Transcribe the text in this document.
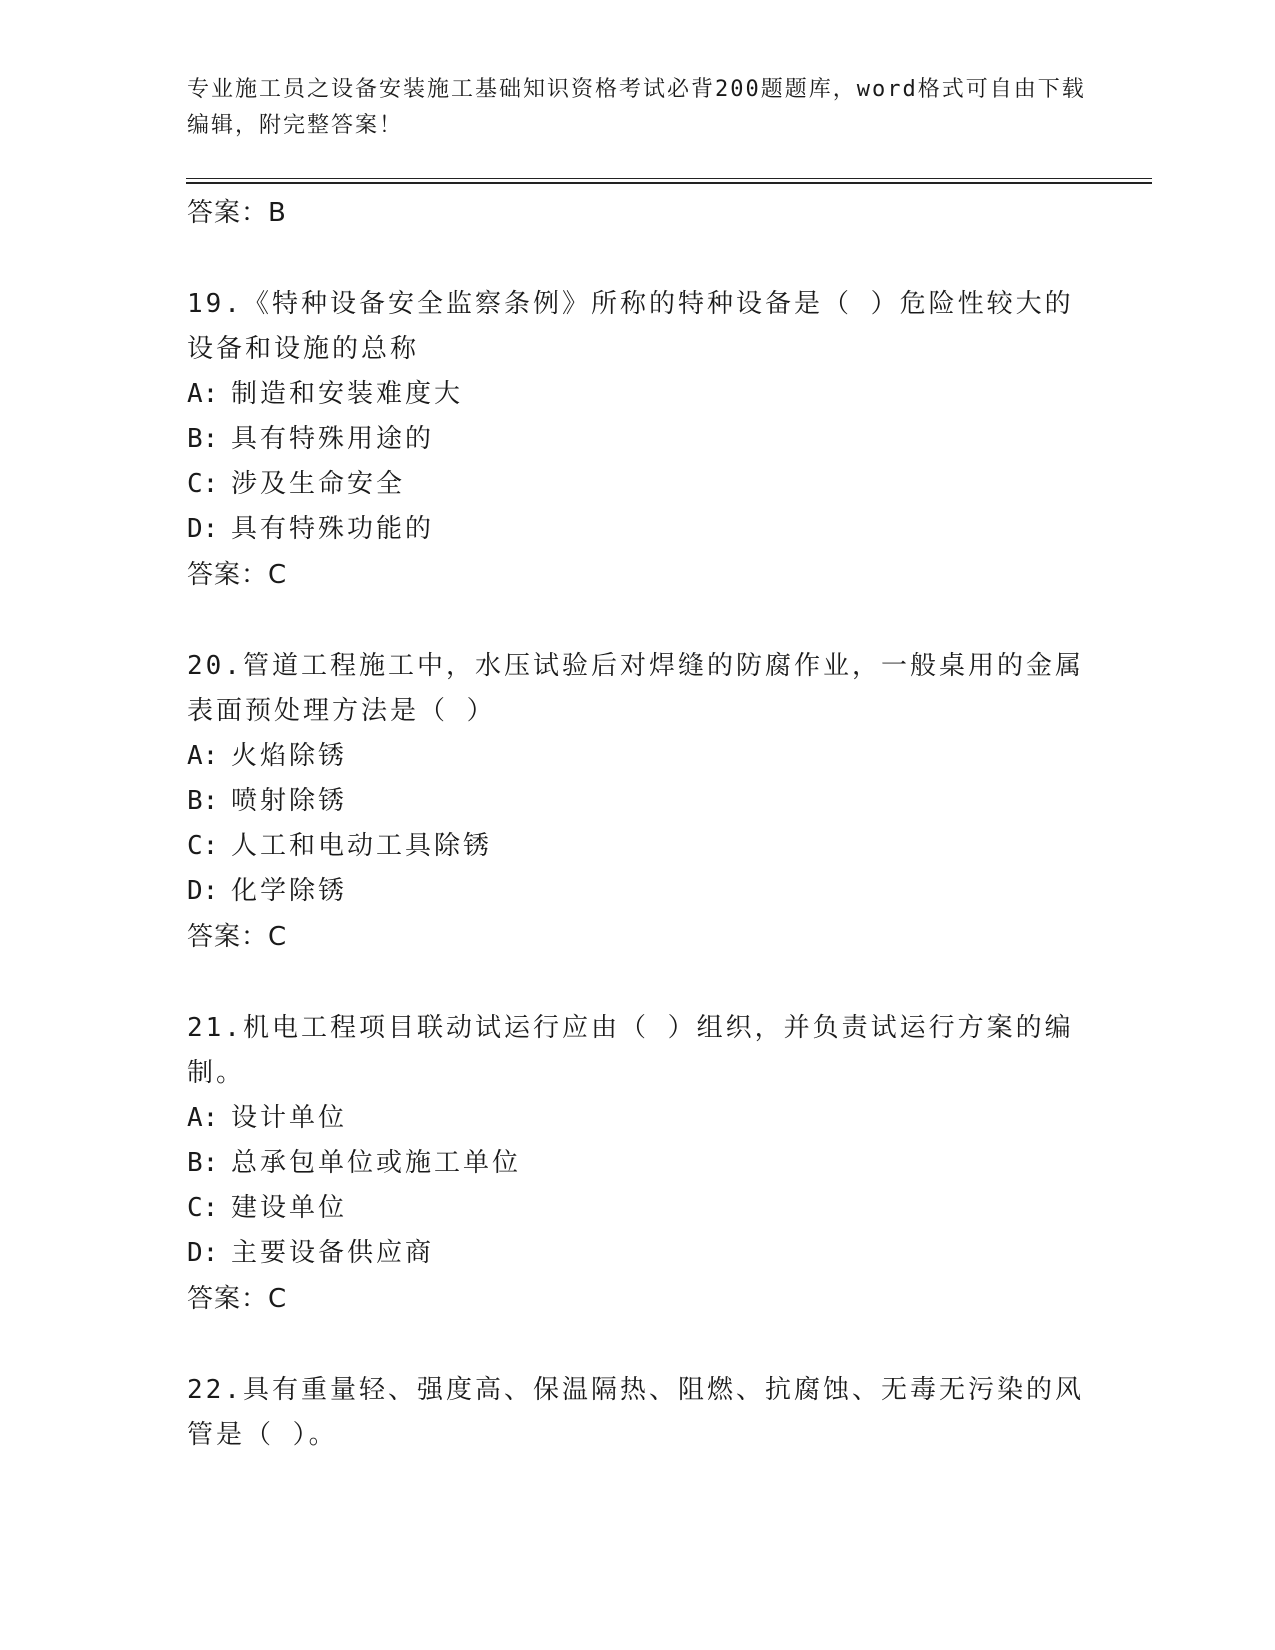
专业施工员之设备安装施工基础知识资格考试必背200题题库，word格式可自由下载编辑，附完整答案！
答案：B
19.《特种设备安全监察条例》所称的特种设备是（ ）危险性较大的设备和设施的总称
A: 制造和安装难度大
B: 具有特殊用途的
C: 涉及生命安全
D: 具有特殊功能的
答案：C
20.管道工程施工中，水压试验后对焊缝的防腐作业，一般桌用的金属表面预处理方法是（ ）
A: 火焰除锈
B: 喷射除锈
C: 人工和电动工具除锈
D: 化学除锈
答案：C
21.机电工程项目联动试运行应由（ ）组织，并负责试运行方案的编制。
A: 设计单位
B: 总承包单位或施工单位
C: 建设单位
D: 主要设备供应商
答案：C
22.具有重量轻、强度高、保温隔热、阻燃、抗腐蚀、无毒无污染的风管是（ ）。
